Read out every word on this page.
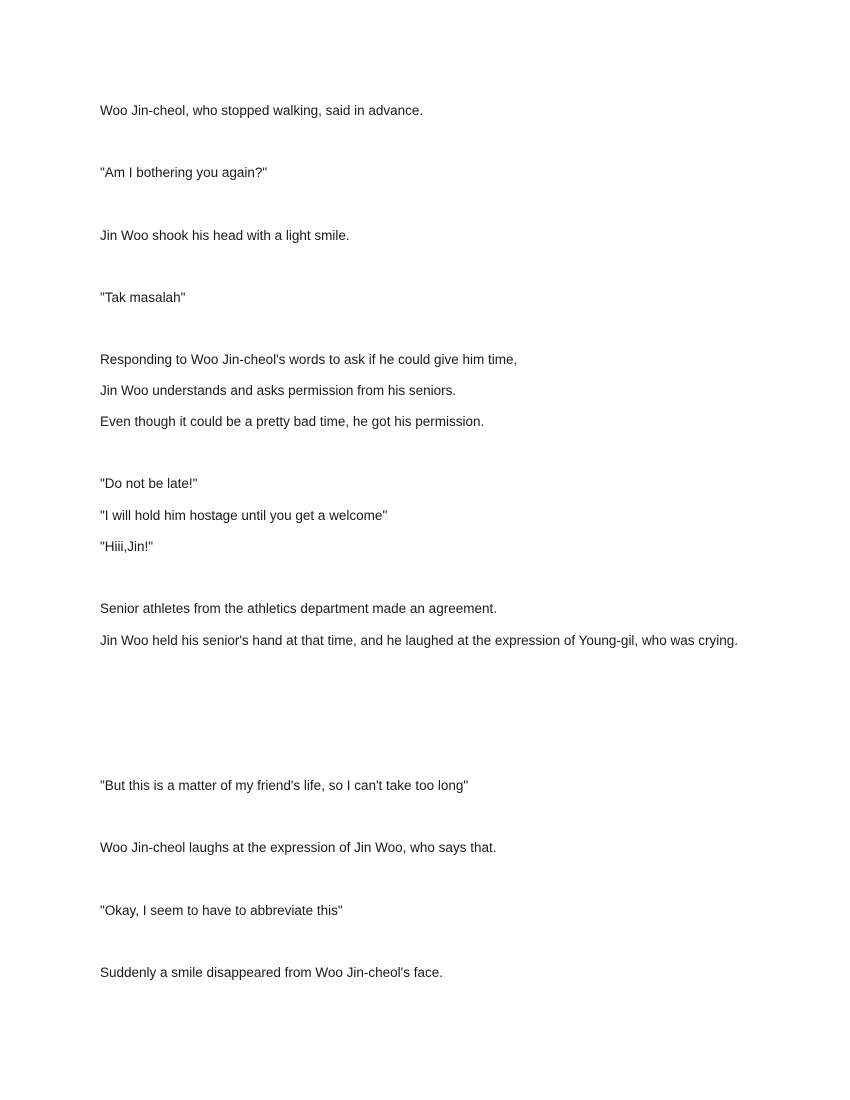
Woo Jin-cheol, who stopped walking, said in advance.

"Am I bothering you again?"

Jin Woo shook his head with a light smile.

"Tak masalah"

Responding to Woo Jin-cheol's words to ask if he could give him time,

Jin Woo understands and asks permission from his seniors.

Even though it could be a pretty bad time, he got his permission.

"Do not be late!"

"I will hold him hostage until you get a welcome"

"Hiii,Jin!"

Senior athletes from the athletics department made an agreement.

Jin Woo held his senior's hand at that time, and he laughed at the expression of Young-gil, who was crying.

"But this is a matter of my friend's life, so I can't take too long"

Woo Jin-cheol laughs at the expression of Jin Woo, who says that.

"Okay, I seem to have to abbreviate this"

Suddenly a smile disappeared from Woo Jin-cheol's face.
